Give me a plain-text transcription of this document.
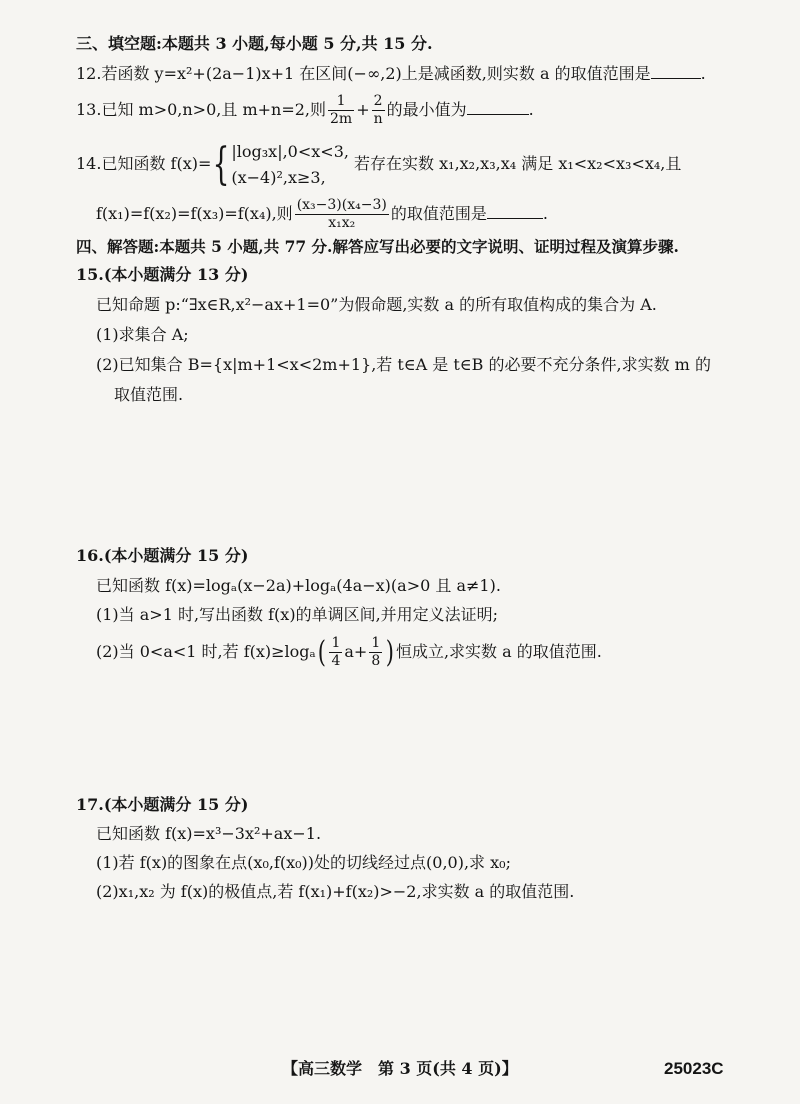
三、填空题:本题共 3 小题,每小题 5 分,共 15 分.
12.若函数 y=x²+(2a−1)x+1 在区间(−∞,2)上是减函数,则实数 a 的取值范围是	.
13.已知 m>0,n>0,且 m+n=2,则 $\frac{1}{2m} + \frac{2}{n}$ 的最小值为	.
14.已知函数 f(x)={ |log₃x|,0<x<3,
(x−4)²,x≥3,
若存在实数 x₁,x₂,x₃,x₄ 满足 x₁<x₂<x₃<x₄,且
f(x₁)=f(x₂)=f(x₃)=f(x₄),则 $\frac{\text{(x₃−3)(x₄−3)}}{\text{x₁x₂}}$ 的取值范围是	.
四、解答题:本题共 5 小题,共 77 分.解答应写出必要的文字说明、证明过程及演算步骤.
15.(本小题满分 13 分)
已知命题 p:“∃x∈R,x²−ax+1=0”为假命题,实数 a 的所有取值构成的集合为 A.
(1)求集合 A;
(2)已知集合 B={x|m+1<x<2m+1},若 t∈A 是 t∈B 的必要不充分条件,求实数 m 的
取值范围.
16.(本小题满分 15 分)
已知函数 f(x)=logₐ(x−2a)+logₐ(4a−x)(a>0 且 a≠1).
(1)当 a>1 时,写出函数 f(x)的单调区间,并用定义法证明;
(2)当 0<a<1 时,若 $f(x)\ge\log_a( \frac{1}{4} a+ \frac{1}{8}$ ) 恒成立,求实数 a 的取值范围.
17.(本小题满分 15 分)
已知函数 f(x)=x³−3x²+ax−1.
(1)若 f(x)的图象在点(x₀,f(x₀))处的切线经过点(0,0),求 x₀;
(2)x₁,x₂ 为 f(x)的极值点,若 f(x₁)+f(x₂)>−2,求实数 a 的取值范围.
【高三数学　第 3 页(共 4 页)】	25023C
